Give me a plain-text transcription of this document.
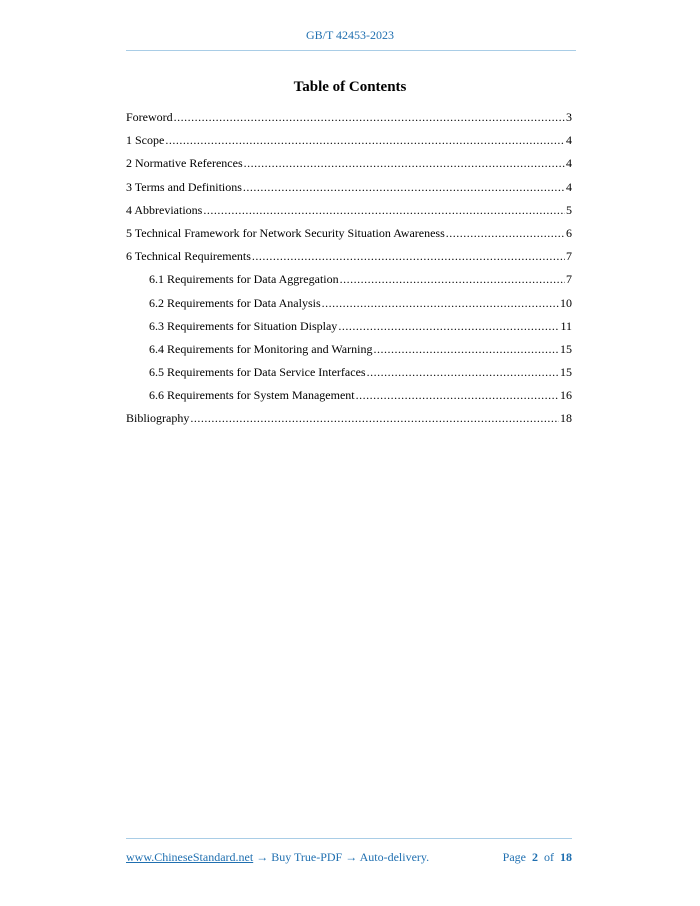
GB/T 42453-2023
Table of Contents
Foreword .....	3
1 Scope .....	4
2 Normative References .....	4
3 Terms and Definitions .....	4
4 Abbreviations .....	5
5 Technical Framework for Network Security Situation Awareness .....	6
6 Technical Requirements .....	7
6.1 Requirements for Data Aggregation .....	7
6.2 Requirements for Data Analysis .....	10
6.3 Requirements for Situation Display .....	11
6.4 Requirements for Monitoring and Warning .....	15
6.5 Requirements for Data Service Interfaces .....	15
6.6 Requirements for System Management .....	16
Bibliography .....	18
www.ChineseStandard.net → Buy True-PDF → Auto-delivery.	Page 2 of 18
